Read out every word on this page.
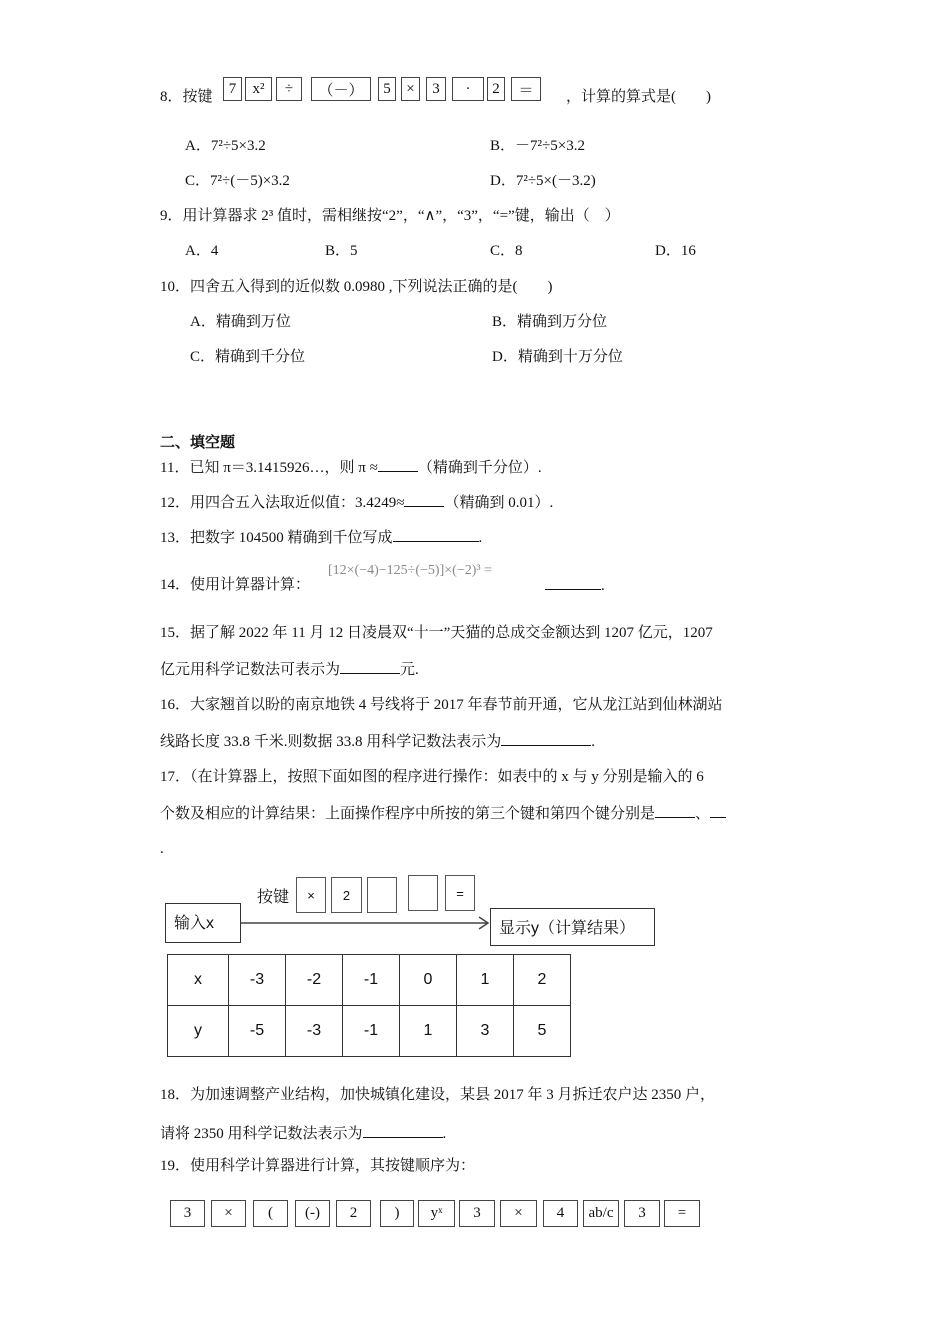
8．按键
7	x²	÷	（－）	5	×	3	·	2	＝	，计算的算式是(　　)
A．7²÷5×3.2	B．－7²÷5×3.2
C．7²÷(－5)×3.2	D．7²÷5×(－3.2)
9．用计算器求 2³ 值时，需相继按“2”，“∧”，“3”，“=”键，输出（　）
A．4	B．5	C．8	D．16
10．四舍五入得到的近似数 0.0980 ,下列说法正确的是(　　)
A．精确到万位	B．精确到万分位
C．精确到千分位	D．精确到十万分位
二、填空题
11．已知 π＝3.1415926…，则 π ≈	（精确到千分位）.
12．用四合五入法取近似值：3.4249≈	（精确到 0.01）.
13．把数字 104500 精确到千位写成	.
14．使用计算器计算：
[12×(−4)−125÷(−5)]×(−2)³ =
.
15．据了解 2022 年 11 月 12 日凌晨双“十一”天猫的总成交金额达到 1207 亿元，1207
亿元用科学记数法可表示为	元.
16．大家翘首以盼的南京地铁 4 号线将于 2017 年春节前开通，它从龙江站到仙林湖站
线路长度 33.8 千米.则数据 33.8 用科学记数法表示为	.
17．（在计算器上，按照下面如图的程序进行操作：如表中的 x 与 y 分别是输入的 6
个数及相应的计算结果：上面操作程序中所按的第三个键和第四个键分别是	、
.
输入x
按键	×	2	=
显示y（计算结果）
x	-3	-2	-1	0	1	2
y	-5	-3	-1	1	3	5
18．为加速调整产业结构，加快城镇化建设，某县 2017 年 3 月拆迁农户达 2350 户，
请将 2350 用科学记数法表示为	.
19．使用科学计算器进行计算，其按键顺序为：
3	×	(	(-)	2	)	yˣ	3	×	4	ab/c	3	=
